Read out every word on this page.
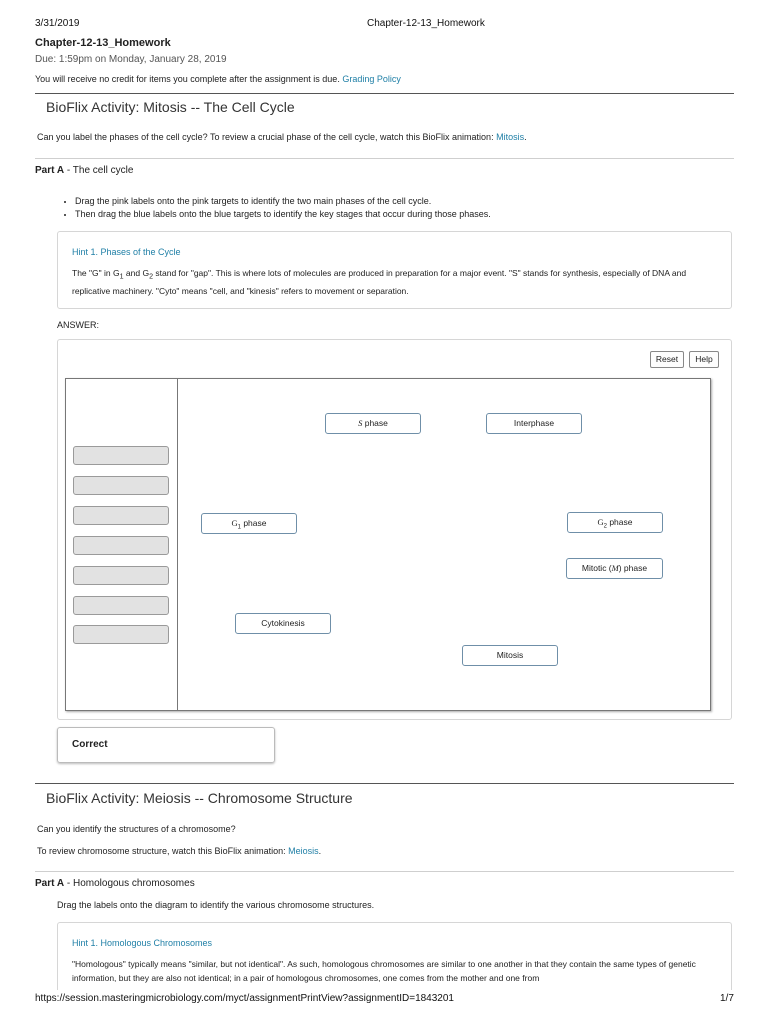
3/31/2019	Chapter-12-13_Homework
Chapter-12-13_Homework
Due: 1:59pm on Monday, January 28, 2019
You will receive no credit for items you complete after the assignment is due. Grading Policy
BioFlix Activity: Mitosis -- The Cell Cycle
Can you label the phases of the cell cycle? To review a crucial phase of the cell cycle, watch this BioFlix animation: Mitosis.
Part A - The cell cycle
• Drag the pink labels onto the pink targets to identify the two main phases of the cell cycle.
• Then drag the blue labels onto the blue targets to identify the key stages that occur during those phases.
Hint 1. Phases of the Cycle
The "G" in $G_1$ and $G_2$ stand for "gap". This is where lots of molecules are produced in preparation for a major event. "S" stands for synthesis, especially of DNA and replicative machinery. "Cyto" means "cell, and "kinesis" refers to movement or separation.
ANSWER:
Reset	Help
S phase	Interphase
$G_1$ phase	$G_2$ phase
Mitotic (M) phase
Cytokinesis
Mitosis
Correct
BioFlix Activity: Meiosis -- Chromosome Structure
Can you identify the structures of a chromosome?
To review chromosome structure, watch this BioFlix animation: Meiosis.
Part A - Homologous chromosomes
Drag the labels onto the diagram to identify the various chromosome structures.
Hint 1. Homologous Chromosomes
"Homologous" typically means "similar, but not identical". As such, homologous chromosomes are similar to one another in that they contain the same types of genetic information, but they are also not identical; in a pair of homologous chromosomes, one comes from the mother and one from
https://session.masteringmicrobiology.com/myct/assignmentPrintView?assignmentID=1843201	1/7
